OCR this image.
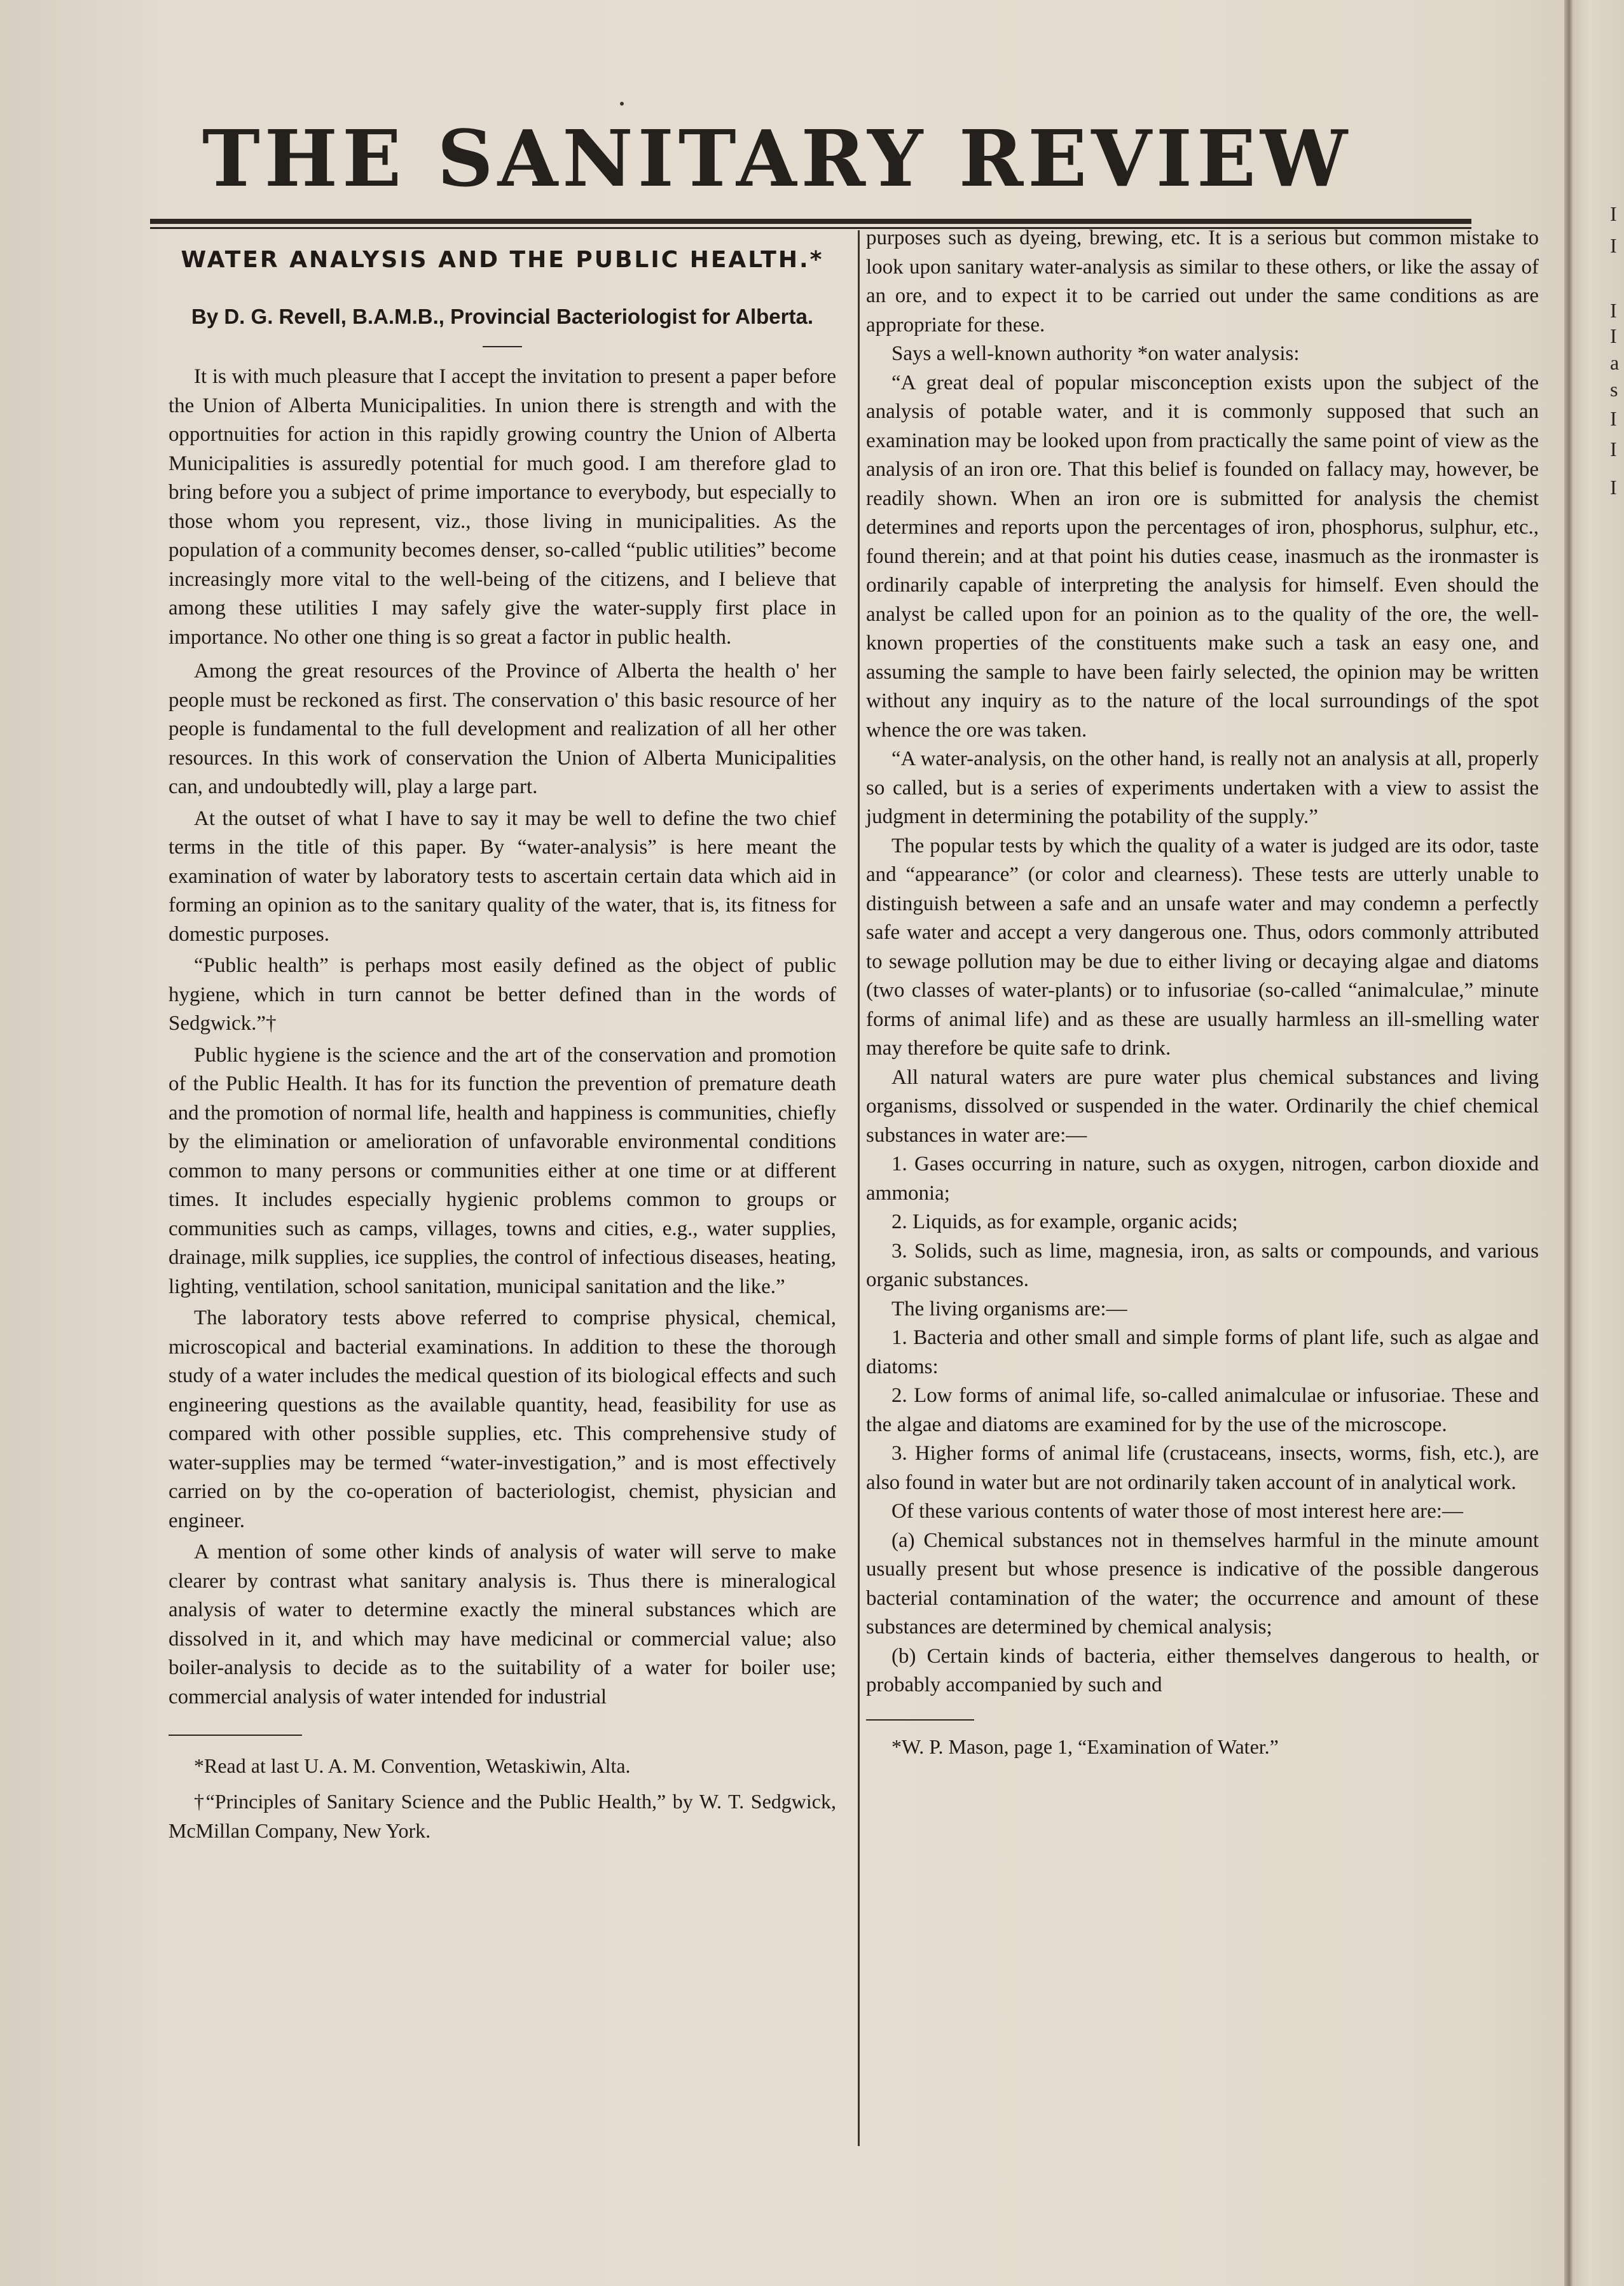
I
I
I
I
a
s
I
I
I
THE SANITARY REVIEW
WATER ANALYSIS AND THE PUBLIC HEALTH.*
By D. G. Revell, B.A.M.B., Provincial Bacteriologist for Alberta.

It is with much pleasure that I accept the invitation to present a paper before the Union of Alberta Municipalities. In union there is strength and with the opportnuities for action in this rapidly growing country the Union of Alberta Municipalities is assuredly potential for much good. I am therefore glad to bring before you a subject of prime importance to everybody, but especially to those whom you represent, viz., those living in municipalities. As the population of a community becomes denser, so-called “public utilities” become increasingly more vital to the well-being of the citizens, and I believe that among these utilities I may safely give the water-supply first place in importance. No other one thing is so great a factor in public health.

Among the great resources of the Province of Alberta the health o' her people must be reckoned as first. The conservation o' this basic resource of her people is fundamental to the full development and realization of all her other resources. In this work of conservation the Union of Alberta Municipalities can, and undoubtedly will, play a large part.

At the outset of what I have to say it may be well to define the two chief terms in the title of this paper. By “water-analysis” is here meant the examination of water by laboratory tests to ascertain certain data which aid in forming an opinion as to the sanitary quality of the water, that is, its fitness for domestic purposes.

“Public health” is perhaps most easily defined as the object of public hygiene, which in turn cannot be better defined than in the words of Sedgwick.”†

Public hygiene is the science and the art of the conservation and promotion of the Public Health. It has for its function the prevention of premature death and the promotion of normal life, health and happiness is communities, chiefly by the elimination or amelioration of unfavorable environmental conditions common to many persons or communities either at one time or at different times. It includes especially hygienic problems common to groups or communities such as camps, villages, towns and cities, e.g., water supplies, drainage, milk supplies, ice supplies, the control of infectious diseases, heating, lighting, ventilation, school sanitation, municipal sanitation and the like.”

The laboratory tests above referred to comprise physical, chemical, microscopical and bacterial examinations. In addition to these the thorough study of a water includes the medical question of its biological effects and such engineering questions as the available quantity, head, feasibility for use as compared with other possible supplies, etc. This comprehensive study of water-supplies may be termed “water-investigation,” and is most effectively carried on by the co-operation of bacteriologist, chemist, physician and engineer.

A mention of some other kinds of analysis of water will serve to make clearer by contrast what sanitary analysis is. Thus there is mineralogical analysis of water to determine exactly the mineral substances which are dissolved in it, and which may have medicinal or commercial value; also boiler-analysis to decide as to the suitability of a water for boiler use; commercial analysis of water intended for industrial

*Read at last U. A. M. Convention, Wetaskiwin, Alta.

†“Principles of Sanitary Science and the Public Health,” by W. T. Sedgwick, McMillan Company, New York.

purposes such as dyeing, brewing, etc. It is a serious but common mistake to look upon sanitary water-analysis as similar to these others, or like the assay of an ore, and to expect it to be carried out under the same conditions as are appropriate for these.

Says a well-known authority *on water analysis:

“A great deal of popular misconception exists upon the subject of the analysis of potable water, and it is commonly supposed that such an examination may be looked upon from practically the same point of view as the analysis of an iron ore. That this belief is founded on fallacy may, however, be readily shown. When an iron ore is submitted for analysis the chemist determines and reports upon the percentages of iron, phosphorus, sulphur, etc., found therein; and at that point his duties cease, inasmuch as the ironmaster is ordinarily capable of interpreting the analysis for himself. Even should the analyst be called upon for an poinion as to the quality of the ore, the well-known properties of the constituents make such a task an easy one, and assuming the sample to have been fairly selected, the opinion may be written without any inquiry as to the nature of the local surroundings of the spot whence the ore was taken.

“A water-analysis, on the other hand, is really not an analysis at all, properly so called, but is a series of experiments undertaken with a view to assist the judgment in determining the potability of the supply.”

The popular tests by which the quality of a water is judged are its odor, taste and “appearance” (or color and clearness). These tests are utterly unable to distinguish between a safe and an unsafe water and may condemn a perfectly safe water and accept a very dangerous one. Thus, odors commonly attributed to sewage pollution may be due to either living or decaying algae and diatoms (two classes of water-plants) or to infusoriae (so-called “animalculae,” minute forms of animal life) and as these are usually harmless an ill-smelling water may therefore be quite safe to drink.

All natural waters are pure water plus chemical substances and living organisms, dissolved or suspended in the water. Ordinarily the chief chemical substances in water are:—

1. Gases occurring in nature, such as oxygen, nitrogen, carbon dioxide and ammonia;

2. Liquids, as for example, organic acids;

3. Solids, such as lime, magnesia, iron, as salts or compounds, and various organic substances.

The living organisms are:—

1. Bacteria and other small and simple forms of plant life, such as algae and diatoms:

2. Low forms of animal life, so-called animalculae or infusoriae. These and the algae and diatoms are examined for by the use of the microscope.

3. Higher forms of animal life (crustaceans, insects, worms, fish, etc.), are also found in water but are not ordinarily taken account of in analytical work.

Of these various contents of water those of most interest here are:—

(a) Chemical substances not in themselves harmful in the minute amount usually present but whose presence is indicative of the possible dangerous bacterial contamination of the water; the occurrence and amount of these substances are determined by chemical analysis;

(b) Certain kinds of bacteria, either themselves dangerous to health, or probably accompanied by such and

*W. P. Mason, page 1, “Examination of Water.”
